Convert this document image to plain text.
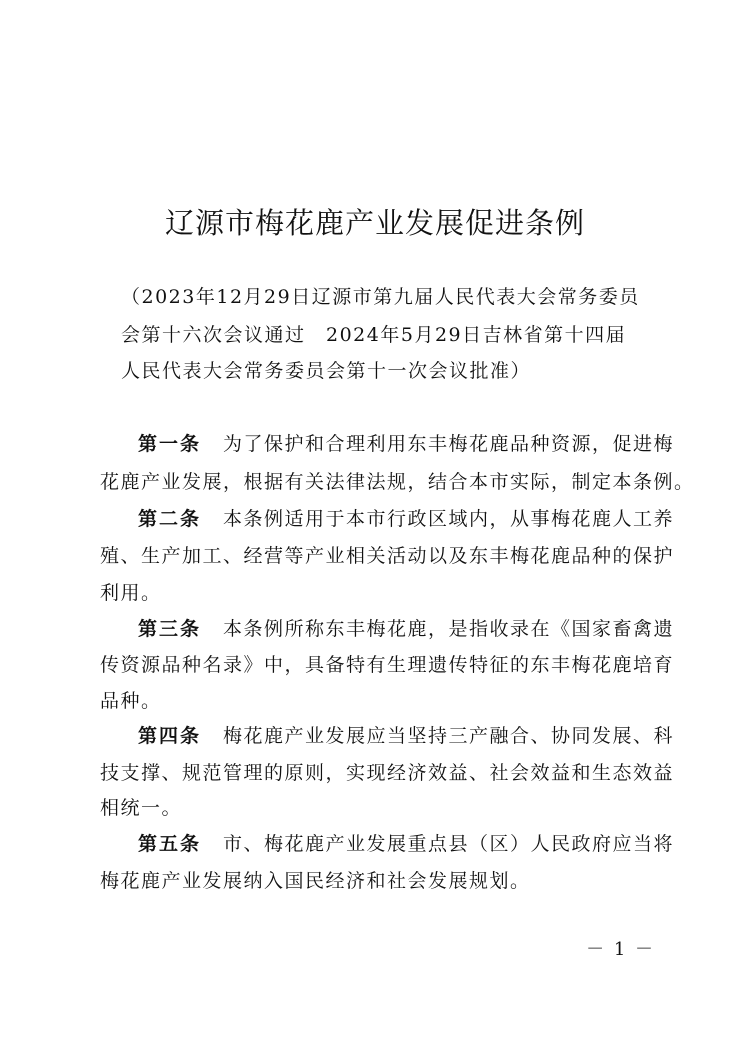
辽源市梅花鹿产业发展促进条例
（2023年12月29日辽源市第九届人民代表大会常务委员
会第十六次会议通过　2024年5月29日吉林省第十四届
人民代表大会常务委员会第十一次会议批准）
第一条 为了保护和合理利用东丰梅花鹿品种资源，促进梅
花鹿产业发展，根据有关法律法规，结合本市实际，制定本条例。
第二条 本条例适用于本市行政区域内，从事梅花鹿人工养
殖、生产加工、经营等产业相关活动以及东丰梅花鹿品种的保护
利用。
第三条 本条例所称东丰梅花鹿，是指收录在《国家畜禽遗
传资源品种名录》中，具备特有生理遗传特征的东丰梅花鹿培育
品种。
第四条 梅花鹿产业发展应当坚持三产融合、协同发展、科
技支撑、规范管理的原则，实现经济效益、社会效益和生态效益
相统一。
第五条 市、梅花鹿产业发展重点县（区）人民政府应当将
梅花鹿产业发展纳入国民经济和社会发展规划。
－ 1 －
